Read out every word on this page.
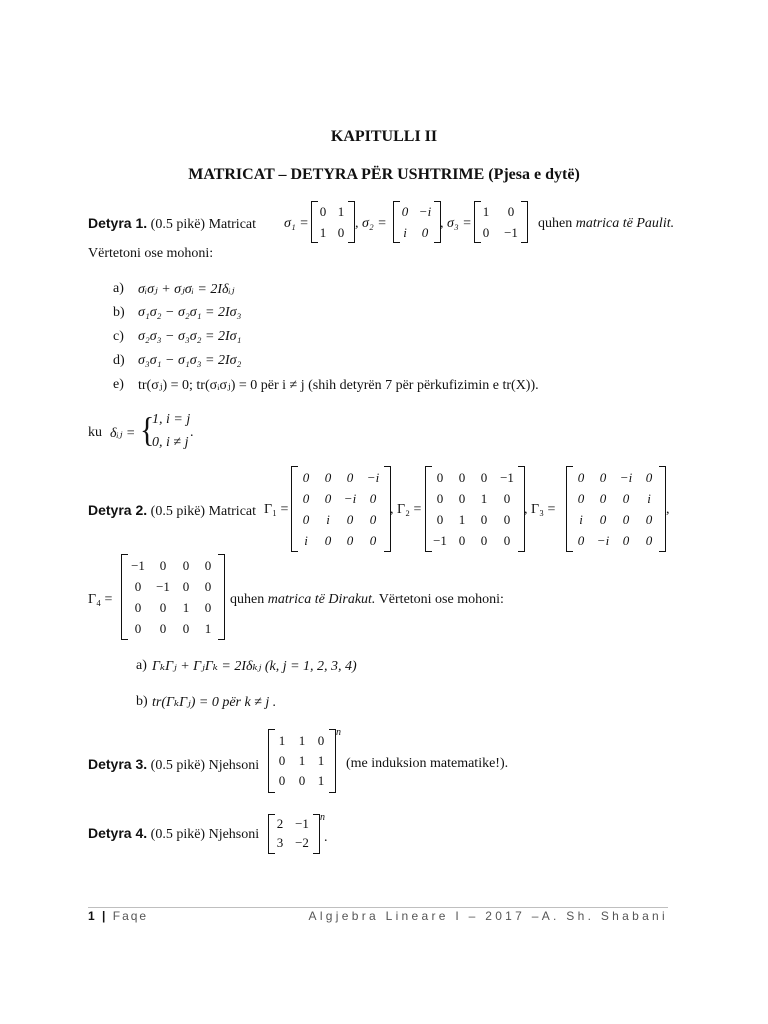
KAPITULLI II
MATRICAT – DETYRA PËR USHTRIME (Pjesa e dytë)
Detyra 1. (0.5 pikë) Matricat σ₁ =
0 1
1 0
, σ₂ =
0 −i
i	0
, σ₃ =
1	0
0	−1
quhen matrica të Paulit.
Vërtetoni ose mohoni:
a) σᵢσⱼ + σⱼσᵢ = 2Iδᵢⱼ
b) σ₁σ₂ − σ₂σ₁ = 2Iσ₃
c) σ₂σ₃ − σ₃σ₂ = 2Iσ₁
d) σ₃σ₁ − σ₁σ₃ = 2Iσ₂
e) tr(σⱼ) = 0; tr(σᵢσⱼ) = 0 për i ≠ j (shih detyrën 7 për përkufizimin e tr(X)).
ku δᵢⱼ = {
1, i = j
0, i ≠ j
.
Detyra 2. (0.5 pikë) Matricat Γ₁ =
0	0	0	−i
0	0 −i	0
0	i	0	0
i	0	0	0
, Γ₂ =
0	0	0 −1
0	0	1	0
0	1	0	0
−1 0	0	0
, Γ₃ =
0	0	−i	0
0	0	0	i
i	0	0	0
0 −i	0	0
,
Γ₄ =
−1	0	0	0
0	−1 0	0
0	0	1	0
0	0	0	1
quhen matrica të Dirakut. Vërtetoni ose mohoni:
a) ΓₖΓⱼ + ΓⱼΓₖ = 2Iδₖⱼ (k, j = 1, 2, 3, 4)
b) tr(ΓₖΓⱼ) = 0 për k ≠ j .
Detyra 3. (0.5 pikë) Njehsoni
1	1 0
0	1 1
0	0 1
n
(me induksion matematike!).
Detyra 4. (0.5 pikë) Njehsoni
2 −1
3 −2
n
.
1 | Faqe	Algjebra Lineare I – 2017 –A. Sh. Shabani
